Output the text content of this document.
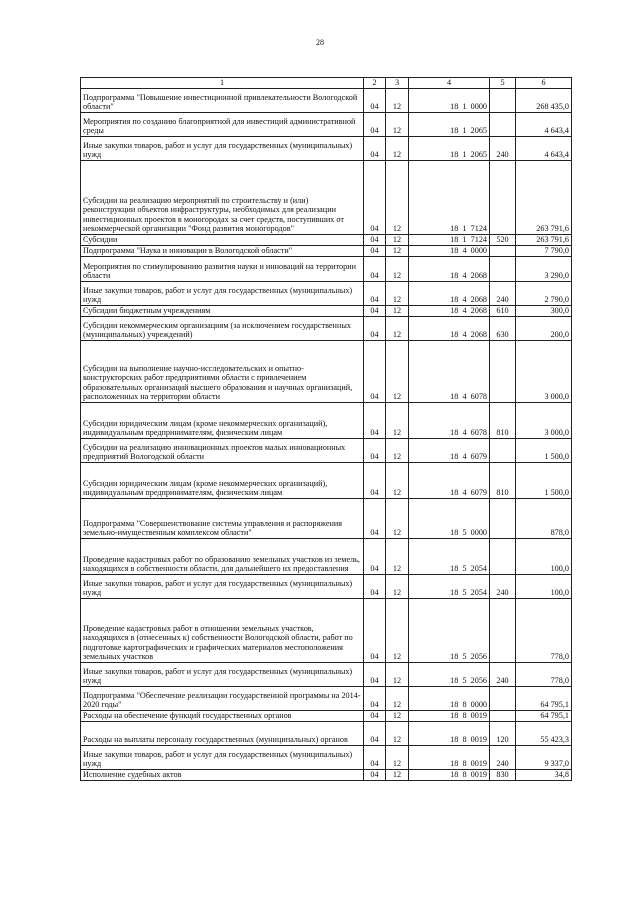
28
1	2	3	4	5	6
Подпрограмма "Повышение инвестиционной привлекательности Вологодской области"	04	12	18  1  0000		268 435,0
Мероприятия по созданию благоприятной для инвестиций административной среды	04	12	18  1  2065		4 643,4
Иные закупки товаров, работ и услуг для государственных (муниципальных) нужд	04	12	18  1  2065	240	4 643,4
Субсидии на реализацию мероприятий по строительству и (или) реконструкции объектов инфраструктуры, необходимых для реализации инвестиционных проектов в моногородах за счет средств, поступивших от некоммерческой организации "Фонд развития моногородов"	04	12	18  1  7124		263 791,6
Субсидии	04	12	18  1  7124	520	263 791,6
Подпрограмма "Наука и инновации в Вологодской области"	04	12	18  4  0000		7 790,0
Мероприятия по стимулированию развития науки и инноваций на территории области	04	12	18  4  2068		3 290,0
Иные закупки товаров, работ и услуг для государственных (муниципальных) нужд	04	12	18  4  2068	240	2 790,0
Субсидии бюджетным учреждениям	04	12	18  4  2068	610	300,0
Субсидии некоммерческим организациям (за исключением государственных (муниципальных) учреждений)	04	12	18  4  2068	630	200,0
Субсидии на выполнение научно-исследовательских и опытно-конструкторских работ предприятиями области с привлечением образовательных организаций высшего образования и научных организаций, расположенных на территории области	04	12	18  4  6078		3 000,0
Субсидии юридическим лицам (кроме некоммерческих организаций), индивидуальным предпринимателям, физическим лицам	04	12	18  4  6078	810	3 000,0
Субсидии на реализацию инновационных проектов малых инновационных предприятий Вологодской области	04	12	18  4  6079		1 500,0
Субсидии юридическим лицам (кроме некоммерческих организаций), индивидуальным предпринимателям, физическим лицам	04	12	18  4  6079	810	1 500,0
Подпрограмма "Совершенствование системы управления и распоряжения земельно-имущественным комплексом области"	04	12	18  5  0000		878,0
Проведение кадастровых работ по образованию земельных участков из земель, находящихся в собственности области, для дальнейшего их предоставления	04	12	18  5  2054		100,0
Иные закупки товаров, работ и услуг для государственных (муниципальных) нужд	04	12	18  5  2054	240	100,0
Проведение кадастровых работ в отношении земельных участков, находящихся в (отнесенных к) собственности Вологодской области, работ по подготовке картографических и графических материалов местоположения земельных участков	04	12	18  5  2056		778,0
Иные закупки товаров, работ и услуг для государственных (муниципальных) нужд	04	12	18  5  2056	240	778,0
Подпрограмма "Обеспечение реализации государственной программы на 2014-2020 годы"	04	12	18  8  0000		64 795,1
Расходы на обеспечение функций государственных органов	04	12	18  8  0019		64 795,1
Расходы на выплаты персоналу государственных (муниципальных) органов	04	12	18  8  0019	120	55 423,3
Иные закупки товаров, работ и услуг для государственных (муниципальных) нужд	04	12	18  8  0019	240	9 337,0
Исполнение судебных актов	04	12	18  8  0019	830	34,8
